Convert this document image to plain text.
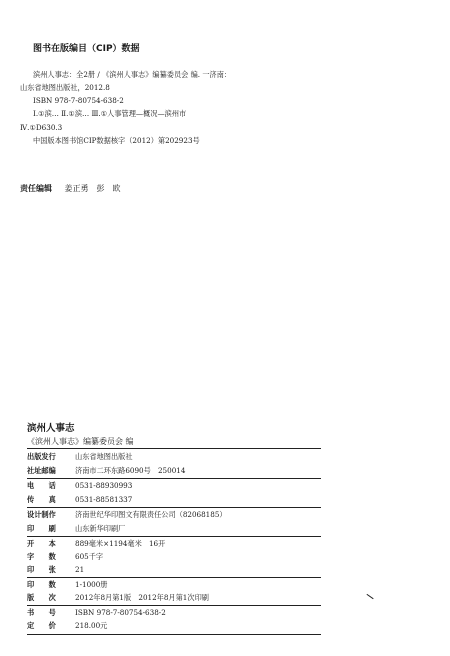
图书在版编目（CIP）数据
滨州人事志：全2册 / 《滨州人事志》编纂委员会 编. 一济南：
山东省地图出版社，2012.8
ISBN 978-7-80754-638-2
Ⅰ.①滨… Ⅱ.①滨… Ⅲ.①人事管理—概况—滨州市
Ⅳ.①D630.3
中国版本图书馆CIP数据核字（2012）第202923号
责任编辑 姜正勇　彭　欧
滨州人事志
《滨州人事志》编纂委员会 编
出版发行	山东省地图出版社
社址邮编	济南市二环东路6090号　250014
电　　话	0531-88930993
传　　真	0531-88581337
设计制作	济南世纪华印图文有限责任公司（82068185）
印　　刷	山东新华印刷厂
开　　本	889毫米×1194毫米　16开
字　　数	605千字
印　　张	21
印　　数	1-1000册
版　　次	2012年8月第1版　2012年8月第1次印刷
书　　号	ISBN 978-7-80754-638-2
定　　价	218.00元
